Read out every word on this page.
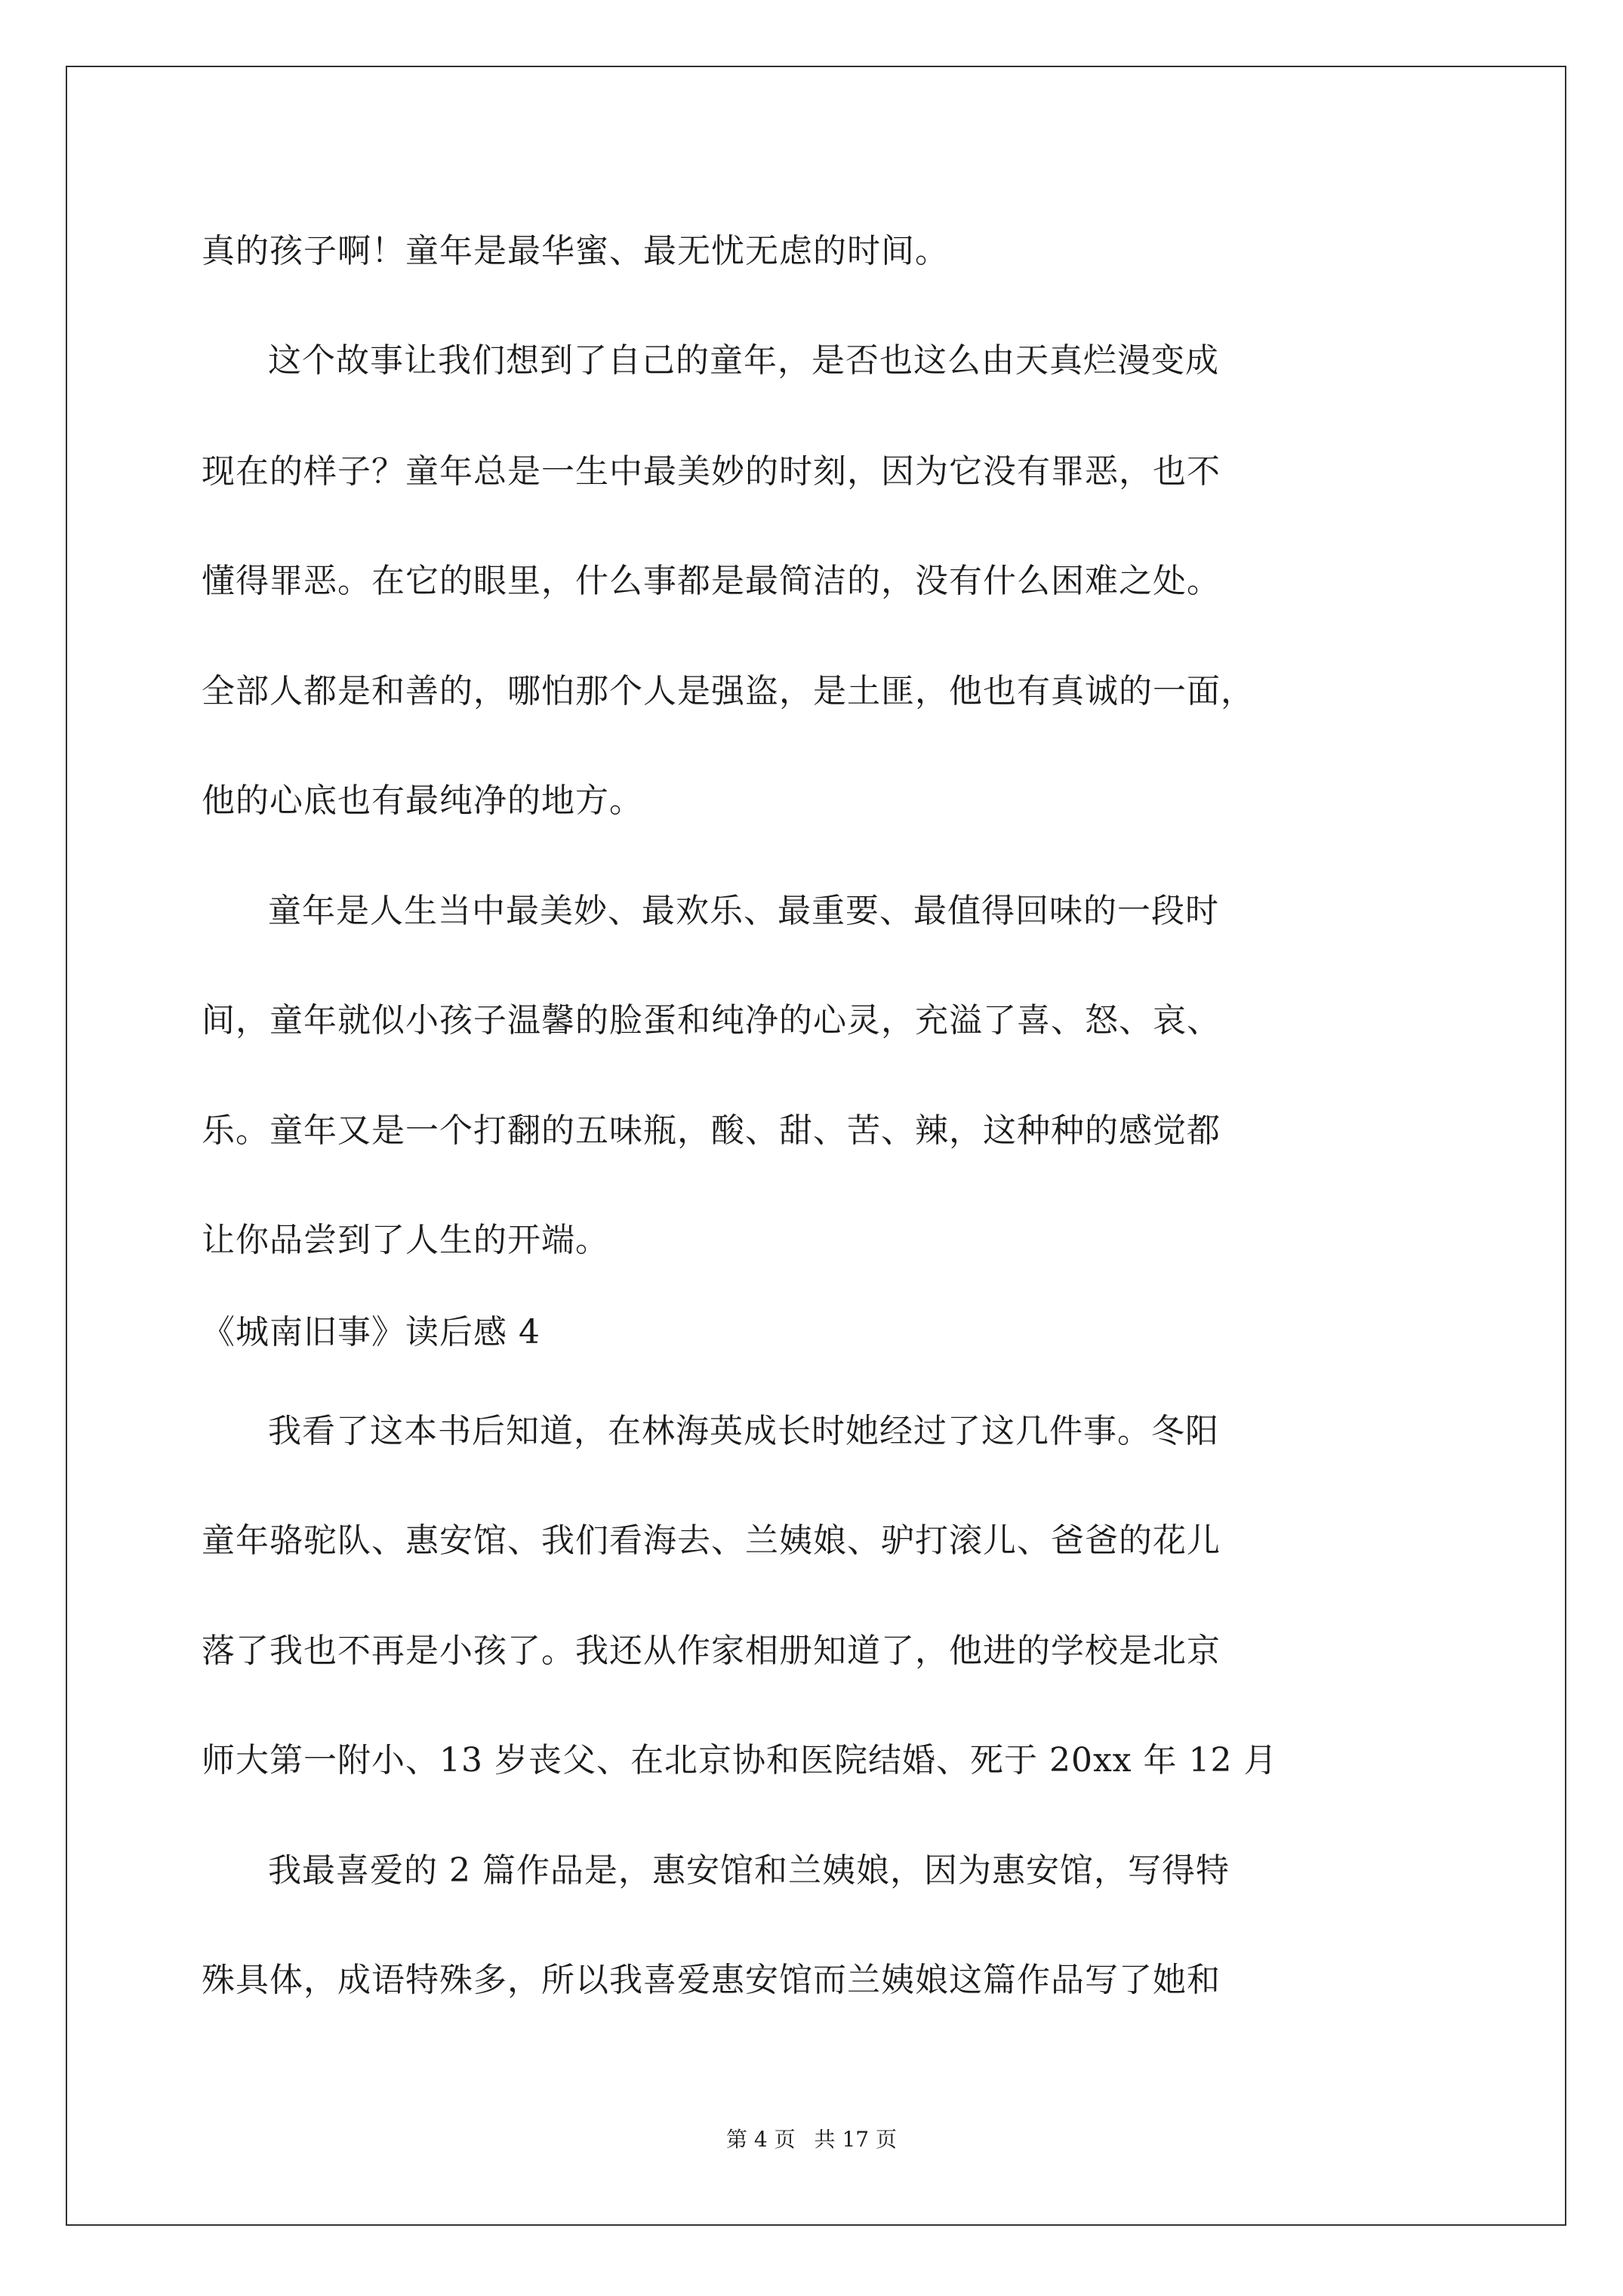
真的孩子啊！童年是最华蜜、最无忧无虑的时间。
这个故事让我们想到了自己的童年，是否也这么由天真烂漫变成
现在的样子？童年总是一生中最美妙的时刻，因为它没有罪恶，也不
懂得罪恶。在它的眼里，什么事都是最简洁的，没有什么困难之处。
全部人都是和善的，哪怕那个人是强盗，是土匪，他也有真诚的一面，
他的心底也有最纯净的地方。
童年是人生当中最美妙、最欢乐、最重要、最值得回味的一段时
间，童年就似小孩子温馨的脸蛋和纯净的心灵，充溢了喜、怒、哀、
乐。童年又是一个打翻的五味瓶，酸、甜、苦、辣，这种种的感觉都
让你品尝到了人生的开端。
《城南旧事》读后感 4
我看了这本书后知道，在林海英成长时她经过了这几件事。冬阳
童年骆驼队、惠安馆、我们看海去、兰姨娘、驴打滚儿、爸爸的花儿
落了我也不再是小孩了。我还从作家相册知道了，他进的学校是北京
师大第一附小、13 岁丧父、在北京协和医院结婚、死于 20xx 年 12 月
我最喜爱的 2 篇作品是，惠安馆和兰姨娘，因为惠安馆，写得特
殊具体，成语特殊多，所以我喜爱惠安馆而兰姨娘这篇作品写了她和
第 4 页 共 17 页
